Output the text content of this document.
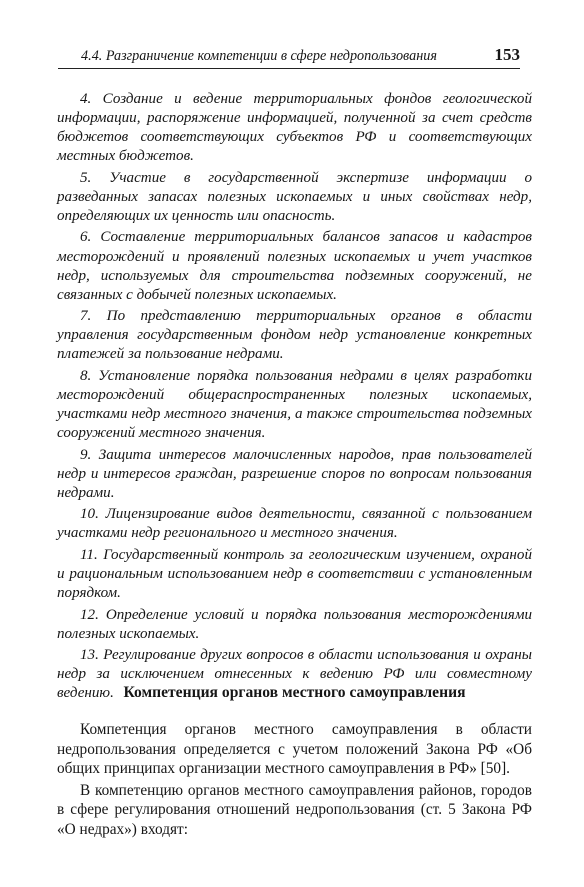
4.4. Разграничение компетенции в сфере недропользования	153

4. Создание и ведение территориальных фондов геологической информации, распоряжение информацией, полученной за счет средств бюджетов соответствующих субъектов РФ и соответствующих местных бюджетов.

5. Участие в государственной экспертизе информации о разведанных запасах полезных ископаемых и иных свойствах недр, определяющих их ценность или опасность.

6. Составление территориальных балансов запасов и кадастров месторождений и проявлений полезных ископаемых и учет участков недр, используемых для строительства подземных сооружений, не связанных с добычей полезных ископаемых.

7. По представлению территориальных органов в области управления государственным фондом недр установление конкретных платежей за пользование недрами.

8. Установление порядка пользования недрами в целях разработки месторождений общераспространенных полезных ископаемых, участками недр местного значения, а также строительства подземных сооружений местного значения.

9. Защита интересов малочисленных народов, прав пользователей недр и интересов граждан, разрешение споров по вопросам пользования недрами.

10. Лицензирование видов деятельности, связанной с пользованием участками недр регионального и местного значения.

11. Государственный контроль за геологическим изучением, охраной и рациональным использованием недр в соответствии с установленным порядком.

12. Определение условий и порядка пользования месторождениями полезных ископаемых.

13. Регулирование других вопросов в области использования и охраны недр за исключением отнесенных к ведению РФ или совместному ведению. Компетенция органов местного самоуправления

Компетенция органов местного самоуправления в области недропользования определяется с учетом положений Закона РФ «Об общих принципах организации местного самоуправления в РФ» [50].

В компетенцию органов местного самоуправления районов, городов в сфере регулирования отношений недропользования (ст. 5 Закона РФ «О недрах») входят:
